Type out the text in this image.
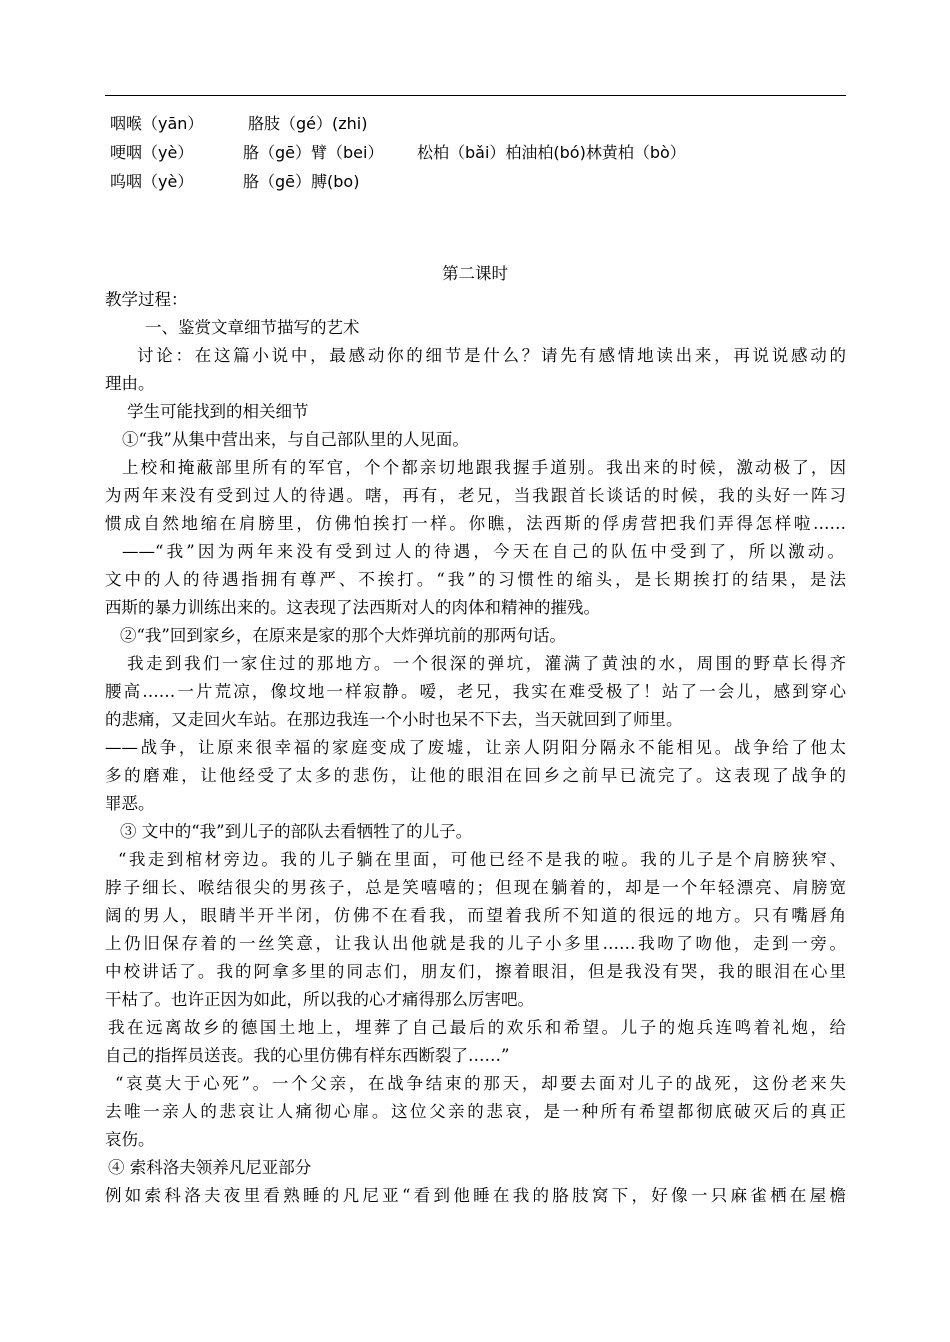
咽喉（yān）	胳肢（gé）(zhi)
哽咽（yè）	胳（gē）臂（bei） 松柏（bǎi）柏油柏(bó)林黄柏（bò）
呜咽（yè）	胳（gē）膊(bo)
第二课时
教学过程：
一、鉴赏文章细节描写的艺术
讨论：在这篇小说中，最感动你的细节是什么？请先有感情地读出来，再说说感动的
理由。
学生可能找到的相关细节
①“我”从集中营出来，与自己部队里的人见面。
上校和掩蔽部里所有的军官，个个都亲切地跟我握手道别。我出来的时候，激动极了，因
为两年来没有受到过人的待遇。嗐，再有，老兄，当我跟首长谈话的时候，我的头好一阵习
惯成自然地缩在肩膀里，仿佛怕挨打一样。你瞧，法西斯的俘虏营把我们弄得怎样啦……
——“我”因为两年来没有受到过人的待遇，今天在自己的队伍中受到了，所以激动。
文中的人的待遇指拥有尊严、不挨打。“我”的习惯性的缩头，是长期挨打的结果，是法
西斯的暴力训练出来的。这表现了法西斯对人的肉体和精神的摧残。
②“我”回到家乡，在原来是家的那个大炸弹坑前的那两句话。
我走到我们一家住过的那地方。一个很深的弹坑，灌满了黄浊的水，周围的野草长得齐
腰高……一片荒凉，像坟地一样寂静。嗳，老兄，我实在难受极了！站了一会儿，感到穿心
的悲痛，又走回火车站。在那边我连一个小时也呆不下去，当天就回到了师里。
——战争，让原来很幸福的家庭变成了废墟，让亲人阴阳分隔永不能相见。战争给了他太
多的磨难，让他经受了太多的悲伤，让他的眼泪在回乡之前早已流完了。这表现了战争的
罪恶。
③ 文中的“我”到儿子的部队去看牺牲了的儿子。
“我走到棺材旁边。我的儿子躺在里面，可他已经不是我的啦。我的儿子是个肩膀狭窄、
脖子细长、喉结很尖的男孩子，总是笑嘻嘻的；但现在躺着的，却是一个年轻漂亮、肩膀宽
阔的男人，眼睛半开半闭，仿佛不在看我，而望着我所不知道的很远的地方。只有嘴唇角
上仍旧保存着的一丝笑意，让我认出他就是我的儿子小多里……我吻了吻他，走到一旁。
中校讲话了。我的阿拿多里的同志们，朋友们，擦着眼泪，但是我没有哭，我的眼泪在心里
干枯了。也许正因为如此，所以我的心才痛得那么厉害吧。
我在远离故乡的德国土地上，埋葬了自己最后的欢乐和希望。儿子的炮兵连鸣着礼炮，给
自己的指挥员送丧。我的心里仿佛有样东西断裂了……”
“哀莫大于心死”。一个父亲，在战争结束的那天，却要去面对儿子的战死，这份老来失
去唯一亲人的悲哀让人痛彻心扉。这位父亲的悲哀，是一种所有希望都彻底破灭后的真正
哀伤。
④ 索科洛夫领养凡尼亚部分
例如索科洛夫夜里看熟睡的凡尼亚“看到他睡在我的胳肢窝下，好像一只麻雀栖在屋檐
